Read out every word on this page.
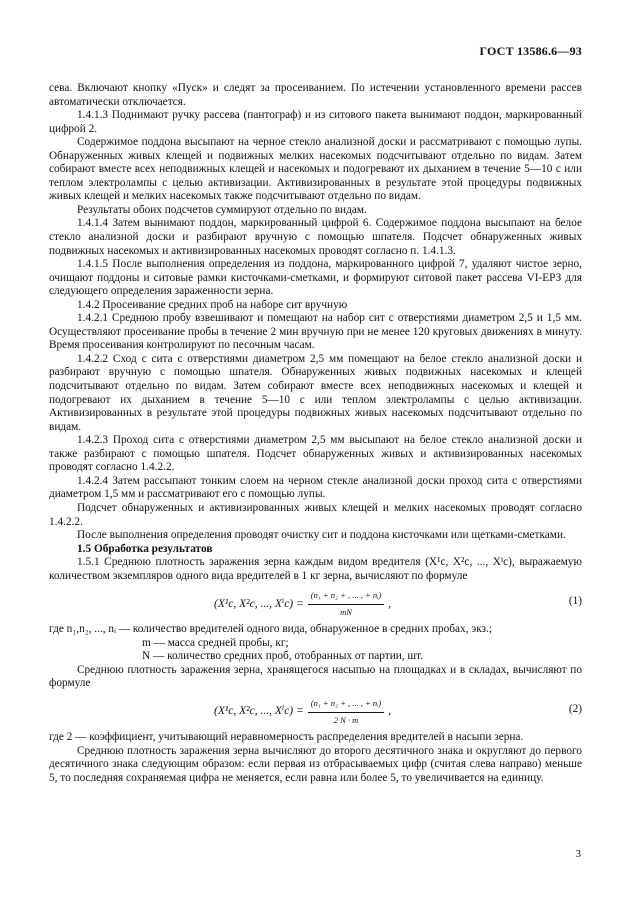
ГОСТ 13586.6—93

сева. Включают кнопку «Пуск» и следят за просеиванием. По истечении установленного времени рассев автоматически отключается.

1.4.1.3 Поднимают ручку рассева (пантограф) и из ситового пакета вынимают поддон, маркированный цифрой 2.

Содержимое поддона высыпают на черное стекло анализной доски и рассматривают с помощью лупы. Обнаруженных живых клещей и подвижных мелких насекомых подсчитывают отдельно по видам. Затем собирают вместе всех неподвижных клещей и насекомых и подогревают их дыханием в течение 5—10 с или теплом электролампы с целью активизации. Активизированных в результате этой процедуры подвижных живых клещей и мелких насекомых также подсчитывают отдельно по видам.

Результаты обоих подсчетов суммируют отдельно по видам.

1.4.1.4 Затем вынимают поддон, маркированный цифрой 6. Содержимое поддона высыпают на белое стекло анализной доски и разбирают вручную с помощью шпателя. Подсчет обнаруженных живых подвижных насекомых и активизированных насекомых проводят согласно п. 1.4.1.3.

1.4.1.5 После выполнения определения из поддона, маркированного цифрой 7, удаляют чистое зерно, очищают поддоны и ситовые рамки кисточками-сметками, и формируют ситовой пакет рассева VI-ЕРЗ для следующего определения зараженности зерна.

1.4.2 Просеивание средних проб на наборе сит вручную

1.4.2.1 Среднюю пробу взвешивают и помещают на набор сит с отверстиями диаметром 2,5 и 1,5 мм. Осуществляют просеивание пробы в течение 2 мин вручную при не менее 120 круговых движениях в минуту. Время просеивания контролируют по песочным часам.

1.4.2.2 Сход с сита с отверстиями диаметром 2,5 мм помещают на белое стекло анализной доски и разбирают вручную с помощью шпателя. Обнаруженных живых подвижных насекомых и клещей подсчитывают отдельно по видам. Затем собирают вместе всех неподвижных насекомых и клещей и подогревают их дыханием в течение 5—10 с или теплом электролампы с целью активизации. Активизированных в результате этой процедуры подвижных живых насекомых подсчитывают отдельно по видам.

1.4.2.3 Проход сита с отверстиями диаметром 2,5 мм высыпают на белое стекло анализной доски и также разбирают с помощью шпателя. Подсчет обнаруженных живых и активизированных насекомых проводят согласно 1.4.2.2.

1.4.2.4 Затем рассыпают тонким слоем на черном стекле анализной доски проход сита с отверстиями диаметром 1,5 мм и рассматривают его с помощью лупы.

Подсчет обнаруженных и активизированных живых клещей и мелких насекомых проводят согласно 1.4.2.2.

После выполнения определения проводят очистку сит и поддона кисточками или щетками-сметками.

1.5 Обработка результатов

1.5.1 Среднюю плотность заражения зерна каждым видом вредителя (X¹с, X²с, ..., Xⁱс), выражаемую количеством экземпляров одного вида вредителей в 1 кг зерна, вычисляют по формуле

(X¹с, X²с, ..., $X^iс) = \frac{\text{(n₁ + n₂ + , ... , + nᵢ)}}{mN}$ ,	(1)

где n₁,n₂, ..., nᵢ — количество вредителей одного вида, обнаруженное в средних пробах, экз.;

m — масса средней пробы, кг;

N — количество средних проб, отобранных от партии, шт.

Среднюю плотность заражения зерна, хранящегося насыпью на площадках и в складах, вычисляют по формуле

(X¹с, X²с, ..., $X^iс) = \frac{\text{(n₁ + n₂ + , ... , + nᵢ)}}{2 N \cdot m}$ ,	(2)

где 2 — коэффициент, учитывающий неравномерность распределения вредителей в насыпи зерна.

Среднюю плотность заражения зерна вычисляют до второго десятичного знака и округляют до первого десятичного знака следующим образом: если первая из отбрасываемых цифр (считая слева направо) меньше 5, то последняя сохраняемая цифра не меняется, если равна или более 5, то увеличивается на единицу.

3
